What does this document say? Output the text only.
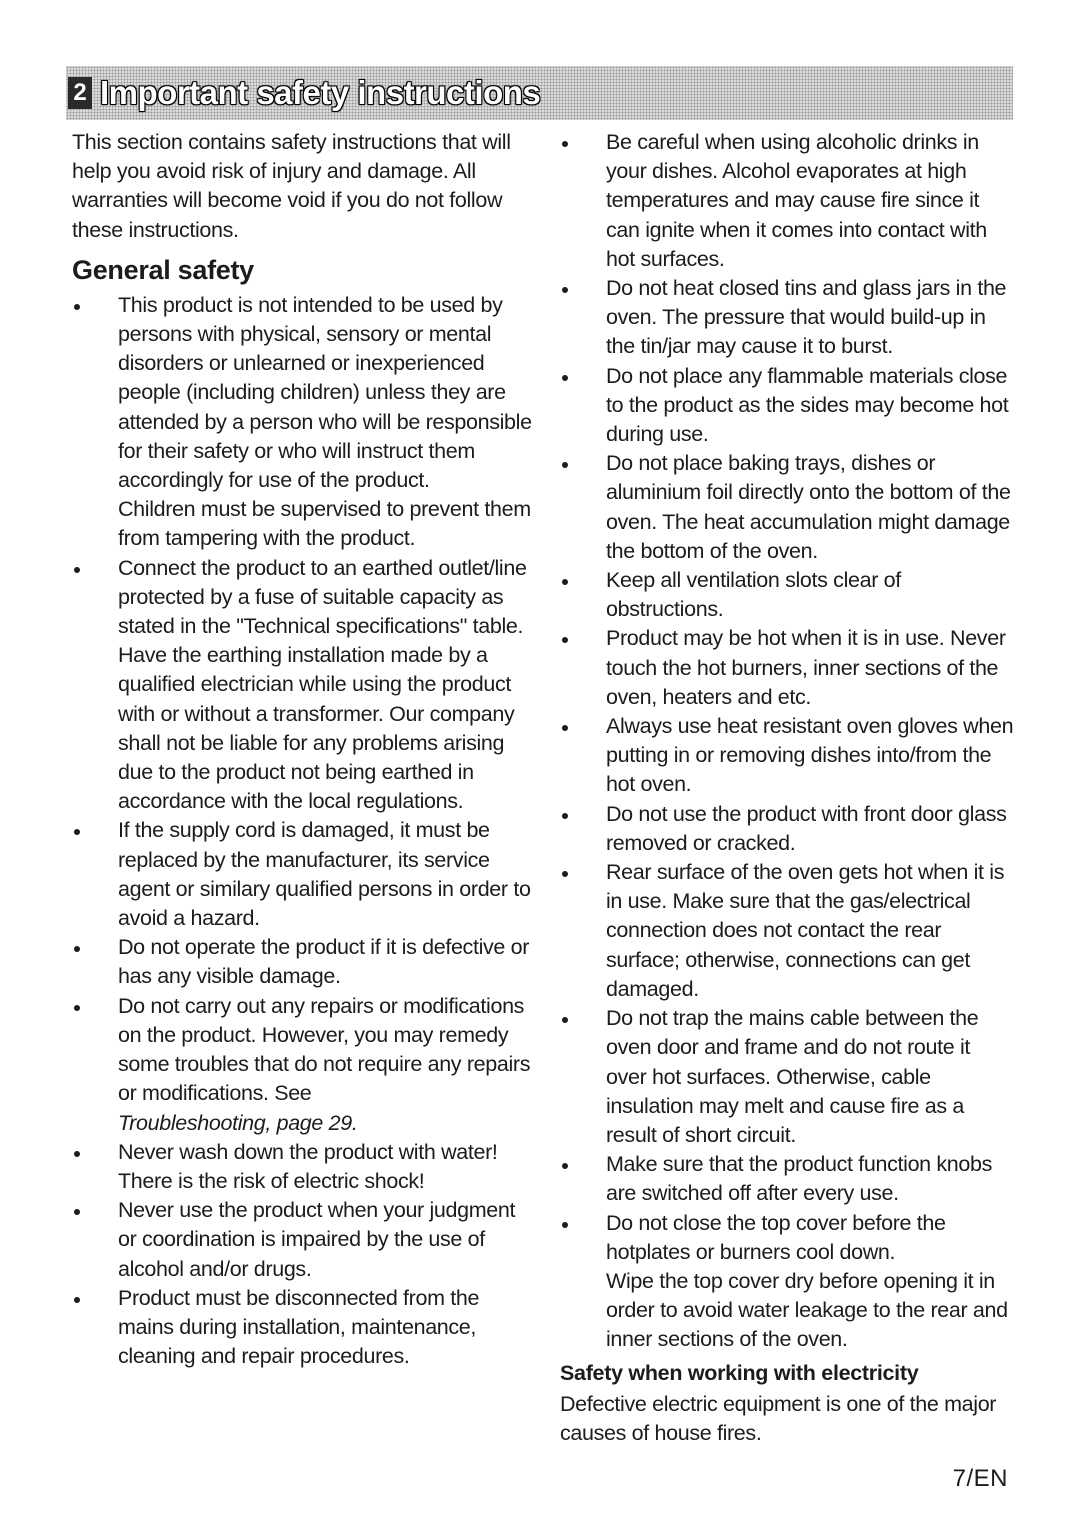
2 Important safety instructions

This section contains safety instructions that will help you avoid risk of injury and damage. All warranties will become void if you do not follow these instructions.

General safety
This product is not intended to be used by persons with physical, sensory or mental disorders or unlearned or inexperienced people (including children) unless they are attended by a person who will be responsible for their safety or who will instruct them accordingly for use of the product.
Children must be supervised to prevent them from tampering with the product.
Connect the product to an earthed outlet/line protected by a fuse of suitable capacity as stated in the "Technical specifications" table. Have the earthing installation made by a qualified electrician while using the product with or without a transformer. Our company shall not be liable for any problems arising due to the product not being earthed in accordance with the local regulations.
If the supply cord is damaged, it must be replaced by the manufacturer, its service agent or similary qualified persons in order to avoid a hazard.
Do not operate the product if it is defective or has any visible damage.
Do not carry out any repairs or modifications on the product. However, you may remedy some troubles that do not require any repairs or modifications. See
Troubleshooting, page 29.
Never wash down the product with water! There is the risk of electric shock!
Never use the product when your judgment or coordination is impaired by the use of alcohol and/or drugs.
Product must be disconnected from the mains during installation, maintenance, cleaning and repair procedures.
Be careful when using alcoholic drinks in your dishes. Alcohol evaporates at high temperatures and may cause fire since it can ignite when it comes into contact with hot surfaces.
Do not heat closed tins and glass jars in the oven. The pressure that would build-up in the tin/jar may cause it to burst.
Do not place any flammable materials close to the product as the sides may become hot during use.
Do not place baking trays, dishes or aluminium foil directly onto the bottom of the oven. The heat accumulation might damage the bottom of the oven.
Keep all ventilation slots clear of obstructions.
Product may be hot when it is in use. Never touch the hot burners, inner sections of the oven, heaters and etc.
Always use heat resistant oven gloves when putting in or removing dishes into/from the hot oven.
Do not use the product with front door glass removed or cracked.
Rear surface of the oven gets hot when it is in use. Make sure that the gas/electrical connection does not contact the rear surface; otherwise, connections can get damaged.
Do not trap the mains cable between the oven door and frame and do not route it over hot surfaces. Otherwise, cable insulation may melt and cause fire as a result of short circuit.
Make sure that the product function knobs are switched off after every use.
Do not close the top cover before the hotplates or burners cool down.
Wipe the top cover dry before opening it in order to avoid water leakage to the rear and inner sections of the oven.
Safety when working with electricity

Defective electric equipment is one of the major causes of house fires.

7/EN
